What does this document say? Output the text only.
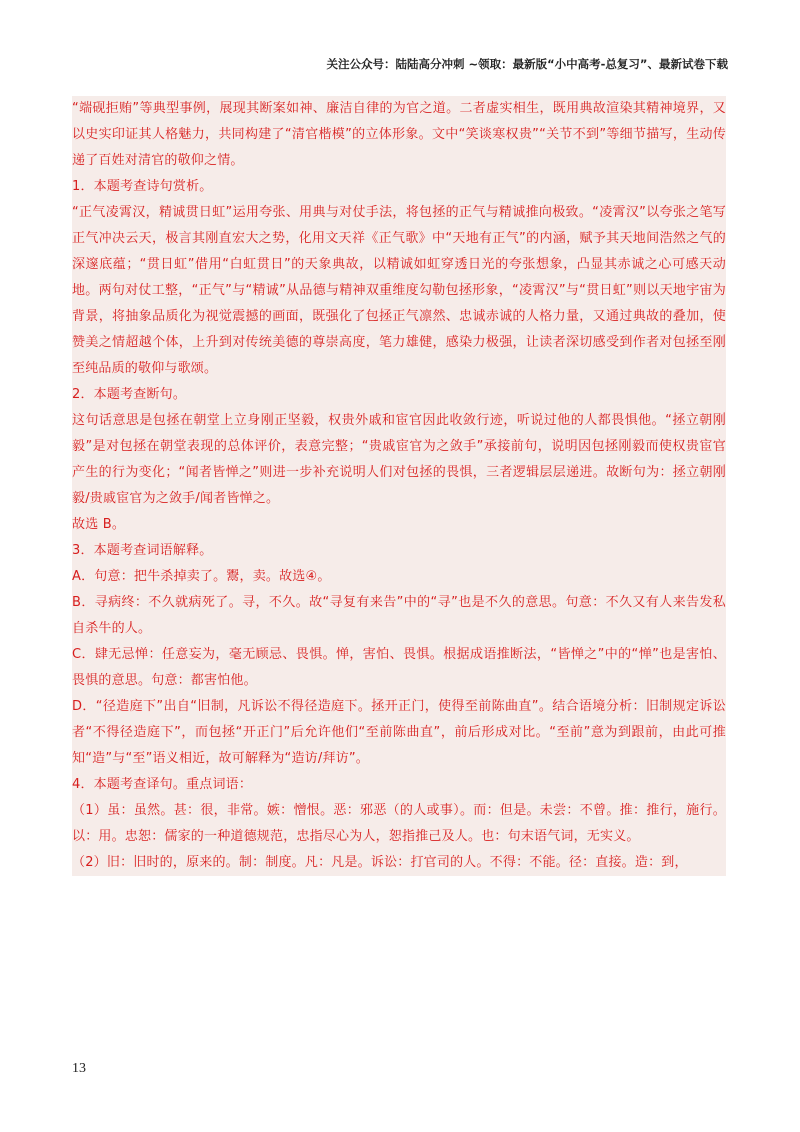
关注公众号：陆陆高分冲刺 ~领取：最新版“小中高考-总复习”、最新试卷下载

“端砚拒贿”等典型事例，展现其断案如神、廉洁自律的为官之道。二者虚实相生，既用典故渲染其精神境界，又以史实印证其人格魅力，共同构建了“清官楷模”的立体形象。文中“笑谈寒权贵”“关节不到”等细节描写，生动传递了百姓对清官的敬仰之情。

1．本题考查诗句赏析。

“正气凌霄汉，精诚贯日虹”运用夸张、用典与对仗手法，将包拯的正气与精诚推向极致。“凌霄汉”以夸张之笔写正气冲决云天，极言其刚直宏大之势，化用文天祥《正气歌》中“天地有正气”的内涵，赋予其天地间浩然之气的深邃底蕴；“贯日虹”借用“白虹贯日”的天象典故，以精诚如虹穿透日光的夸张想象，凸显其赤诚之心可感天动地。两句对仗工整，“正气”与“精诚”从品德与精神双重维度勾勒包拯形象，“凌霄汉”与“贯日虹”则以天地宇宙为背景，将抽象品质化为视觉震撼的画面，既强化了包拯正气凛然、忠诚赤诚的人格力量，又通过典故的叠加，使赞美之情超越个体，上升到对传统美德的尊崇高度，笔力雄健，感染力极强，让读者深切感受到作者对包拯至刚至纯品质的敬仰与歌颂。

2．本题考查断句。

这句话意思是包拯在朝堂上立身刚正坚毅，权贵外戚和宦官因此收敛行迹，听说过他的人都畏惧他。“拯立朝刚毅”是对包拯在朝堂表现的总体评价，表意完整；“贵戚宦官为之敛手”承接前句，说明因包拯刚毅而使权贵宦官产生的行为变化；“闻者皆惮之”则进一步补充说明人们对包拯的畏惧，三者逻辑层层递进。故断句为：拯立朝刚毅/贵戚宦官为之敛手/闻者皆惮之。

故选 B。

3．本题考查词语解释。

A．句意：把牛杀掉卖了。鬻，卖。故选④。

B．寻病终：不久就病死了。寻，不久。故“寻复有来告”中的“寻”也是不久的意思。句意：不久又有人来告发私自杀牛的人。

C．肆无忌惮：任意妄为，毫无顾忌、畏惧。惮，害怕、畏惧。根据成语推断法，“皆惮之”中的“惮”也是害怕、畏惧的意思。句意：都害怕他。

D．“径造庭下”出自“旧制，凡诉讼不得径造庭下。拯开正门，使得至前陈曲直”。结合语境分析：旧制规定诉讼者“不得径造庭下”，而包拯“开正门”后允许他们“至前陈曲直”，前后形成对比。“至前”意为到跟前，由此可推知“造”与“至”语义相近，故可解释为“造访/拜访”。

4．本题考查译句。重点词语：

（1）虽：虽然。甚：很，非常。嫉：憎恨。恶：邪恶（的人或事）。而：但是。未尝：不曾。推：推行，施行。以：用。忠恕：儒家的一种道德规范，忠指尽心为人，恕指推己及人。也：句末语气词，无实义。

（2）旧：旧时的，原来的。制：制度。凡：凡是。诉讼：打官司的人。不得：不能。径：直接。造：到，

13
